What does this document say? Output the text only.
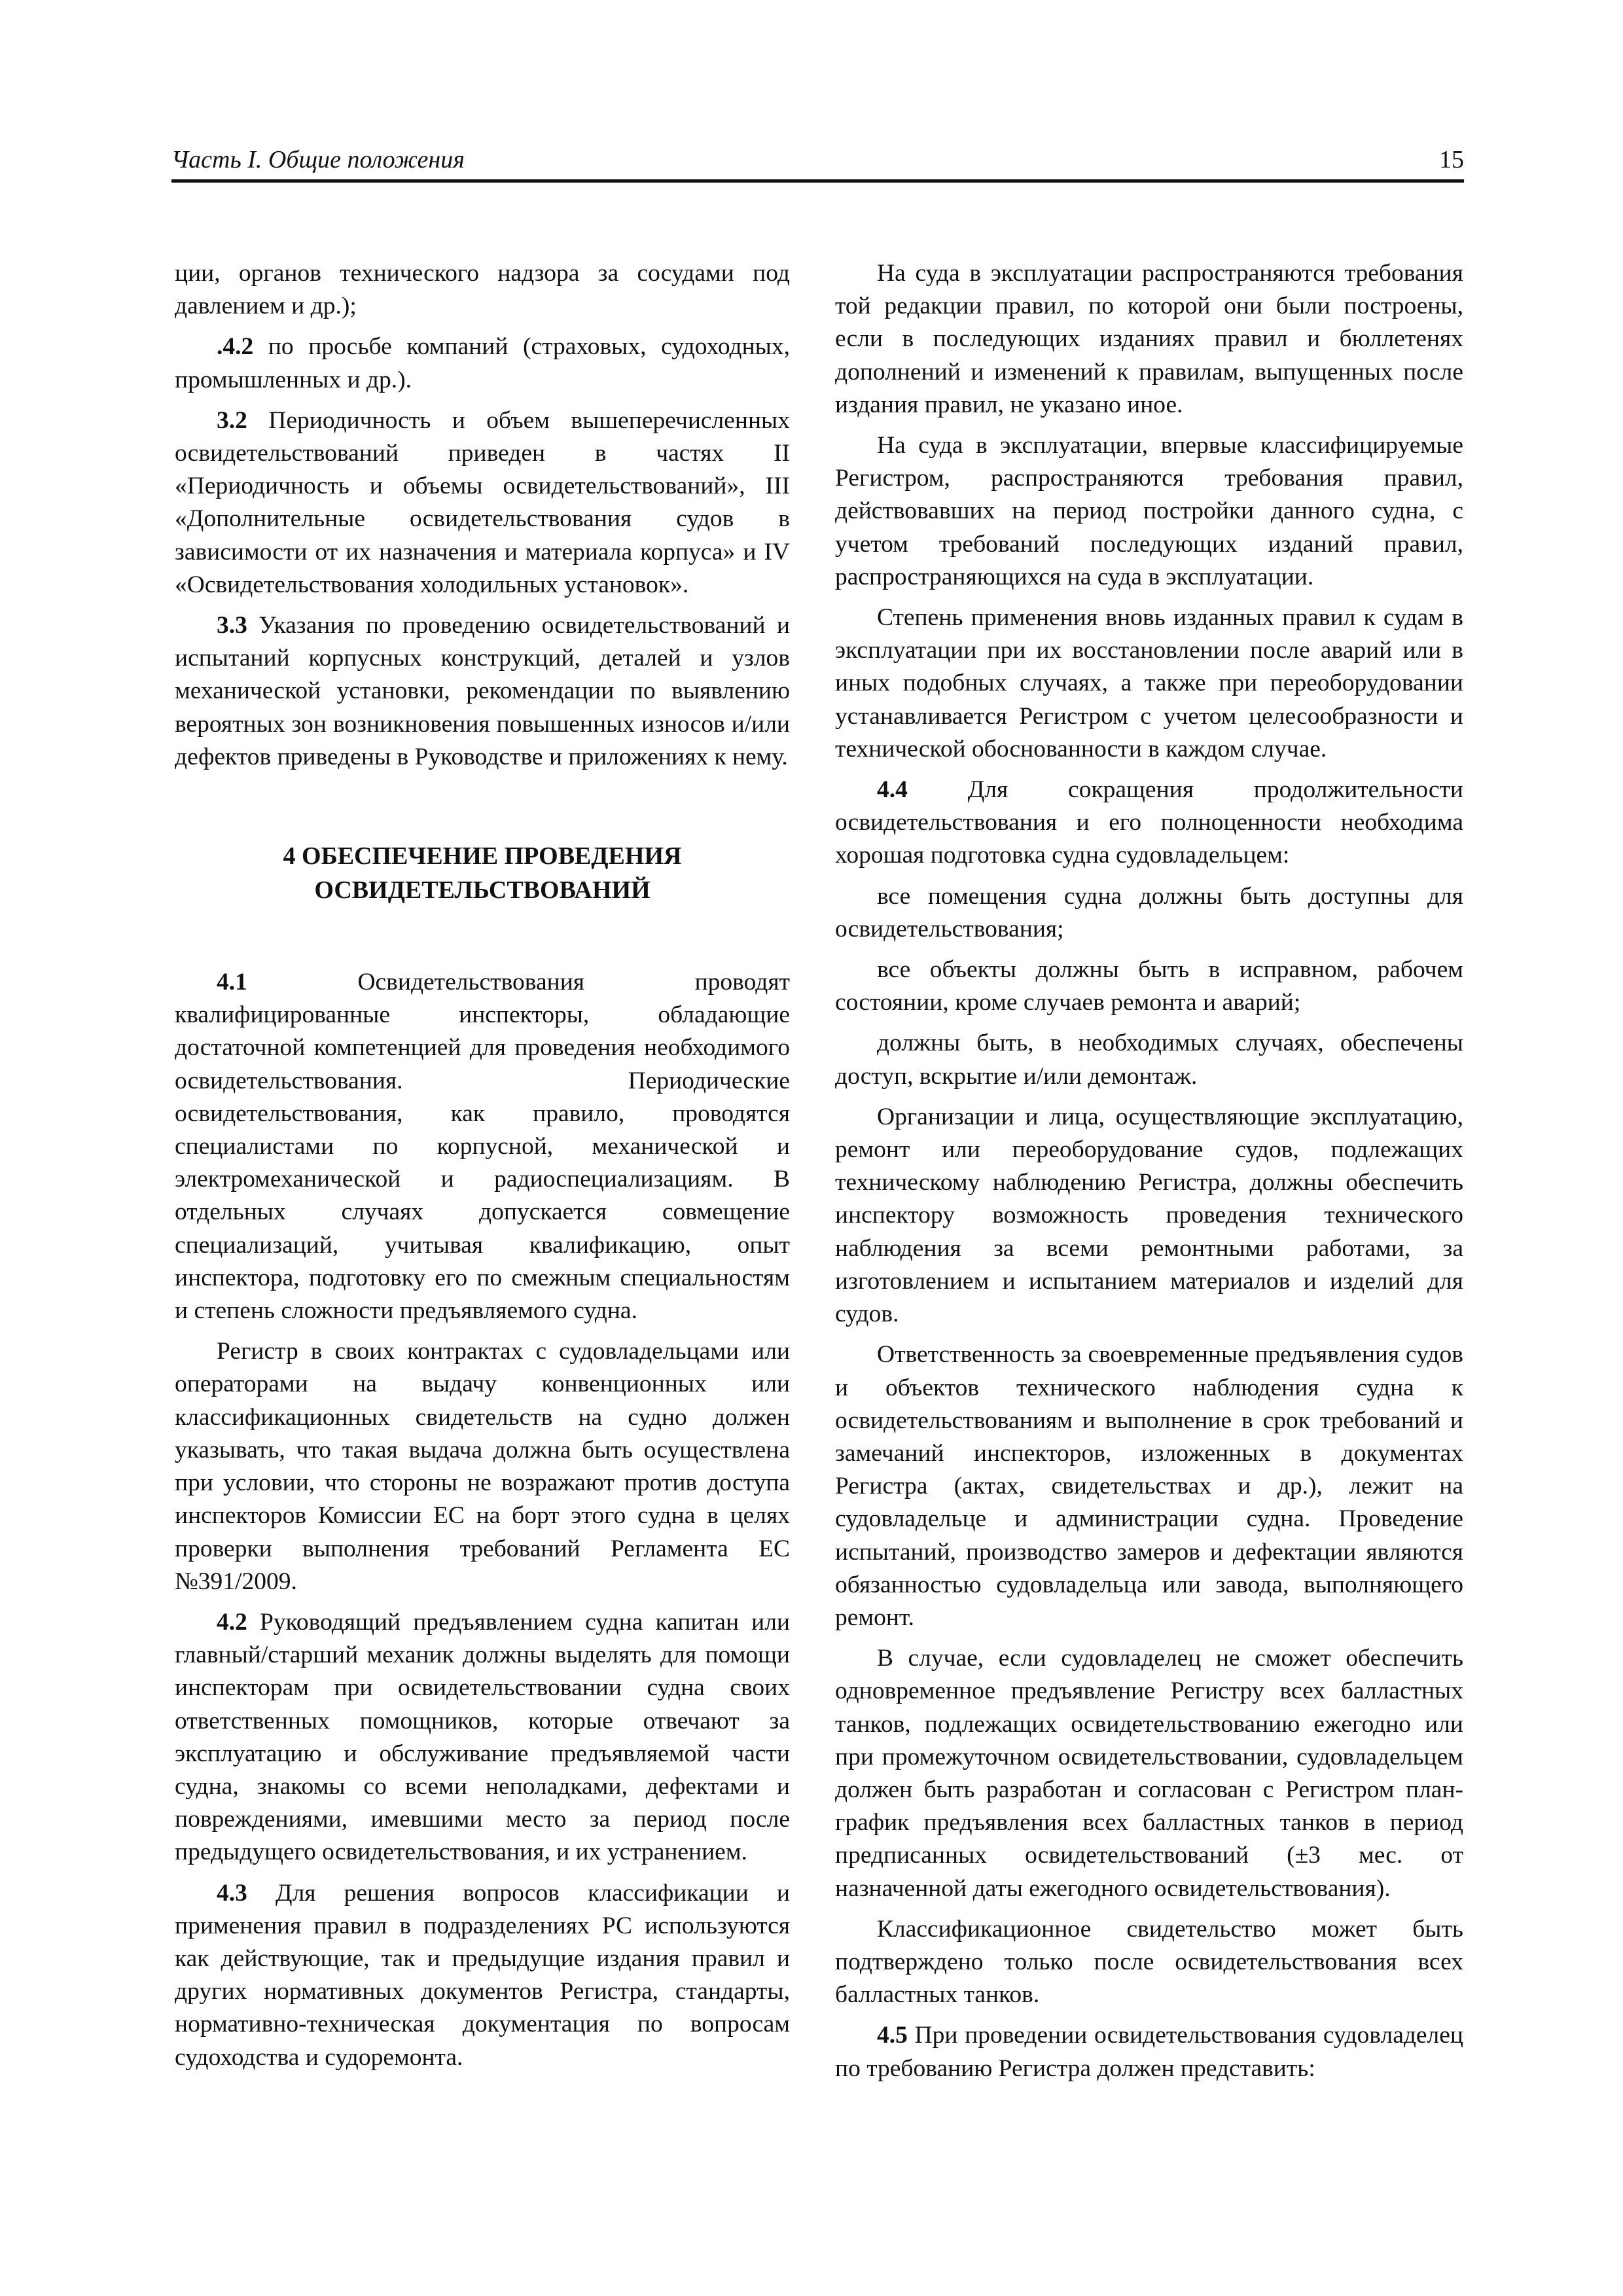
Часть I. Общие положения	15

ции, органов технического надзора за сосудами под давлением и др.);

.4.2 по просьбе компаний (страховых, судоходных, промышленных и др.).

3.2 Периодичность и объем вышеперечисленных освидетельствований приведен в частях II «Периодичность и объемы освидетельствований», III «Дополнительные освидетельствования судов в зависимости от их назначения и материала корпуса» и IV «Освидетельствования холодильных установок».

3.3 Указания по проведению освидетельствований и испытаний корпусных конструкций, деталей и узлов механической установки, рекомендации по выявлению вероятных зон возникновения повышенных износов и/или дефектов приведены в Руководстве и приложениях к нему.

4 ОБЕСПЕЧЕНИЕ ПРОВЕДЕНИЯ
ОСВИДЕТЕЛЬСТВОВАНИЙ

4.1 Освидетельствования проводят квалифицированные инспекторы, обладающие достаточной компетенцией для проведения необходимого освидетельствования. Периодические освидетельствования, как правило, проводятся специалистами по корпусной, механической и электромеханической и радиоспециализациям. В отдельных случаях допускается совмещение специализаций, учитывая квалификацию, опыт инспектора, подготовку его по смежным специальностям и степень сложности предъявляемого судна.

Регистр в своих контрактах с судовладельцами или операторами на выдачу конвенционных или классификационных свидетельств на судно должен указывать, что такая выдача должна быть осуществлена при условии, что стороны не возражают против доступа инспекторов Комиссии ЕС на борт этого судна в целях проверки выполнения требований Регламента ЕС №391/2009.

4.2 Руководящий предъявлением судна капитан или главный/старший механик должны выделять для помощи инспекторам при освидетельствовании судна своих ответственных помощников, которые отвечают за эксплуатацию и обслуживание предъявляемой части судна, знакомы со всеми неполадками, дефектами и повреждениями, имевшими место за период после предыдущего освидетельствования, и их устранением.

4.3 Для решения вопросов классификации и применения правил в подразделениях РС используются как действующие, так и предыдущие издания правил и других нормативных документов Регистра, стандарты, нормативно-техническая документация по вопросам судоходства и судоремонта.

На суда в эксплуатации распространяются требования той редакции правил, по которой они были построены, если в последующих изданиях правил и бюллетенях дополнений и изменений к правилам, выпущенных после издания правил, не указано иное.

На суда в эксплуатации, впервые классифицируемые Регистром, распространяются требования правил, действовавших на период постройки данного судна, с учетом требований последующих изданий правил, распространяющихся на суда в эксплуатации.

Степень применения вновь изданных правил к судам в эксплуатации при их восстановлении после аварий или в иных подобных случаях, а также при переоборудовании устанавливается Регистром с учетом целесообразности и технической обоснованности в каждом случае.

4.4 Для сокращения продолжительности освидетельствования и его полноценности необходима хорошая подготовка судна судовладельцем:

все помещения судна должны быть доступны для освидетельствования;

все объекты должны быть в исправном, рабочем состоянии, кроме случаев ремонта и аварий;

должны быть, в необходимых случаях, обеспечены доступ, вскрытие и/или демонтаж.

Организации и лица, осуществляющие эксплуатацию, ремонт или переоборудование судов, подлежащих техническому наблюдению Регистра, должны обеспечить инспектору возможность проведения технического наблюдения за всеми ремонтными работами, за изготовлением и испытанием материалов и изделий для судов.

Ответственность за своевременные предъявления судов и объектов технического наблюдения судна к освидетельствованиям и выполнение в срок требований и замечаний инспекторов, изложенных в документах Регистра (актах, свидетельствах и др.), лежит на судовладельце и администрации судна. Проведение испытаний, производство замеров и дефектации являются обязанностью судовладельца или завода, выполняющего ремонт.

В случае, если судовладелец не сможет обеспечить одновременное предъявление Регистру всех балластных танков, подлежащих освидетельствованию ежегодно или при промежуточном освидетельствовании, судовладельцем должен быть разработан и согласован с Регистром план-график предъявления всех балластных танков в период предписанных освидетельствований (±3 мес. от назначенной даты ежегодного освидетельствования).

Классификационное свидетельство может быть подтверждено только после освидетельствования всех балластных танков.

4.5 При проведении освидетельствования судовладелец по требованию Регистра должен представить:
